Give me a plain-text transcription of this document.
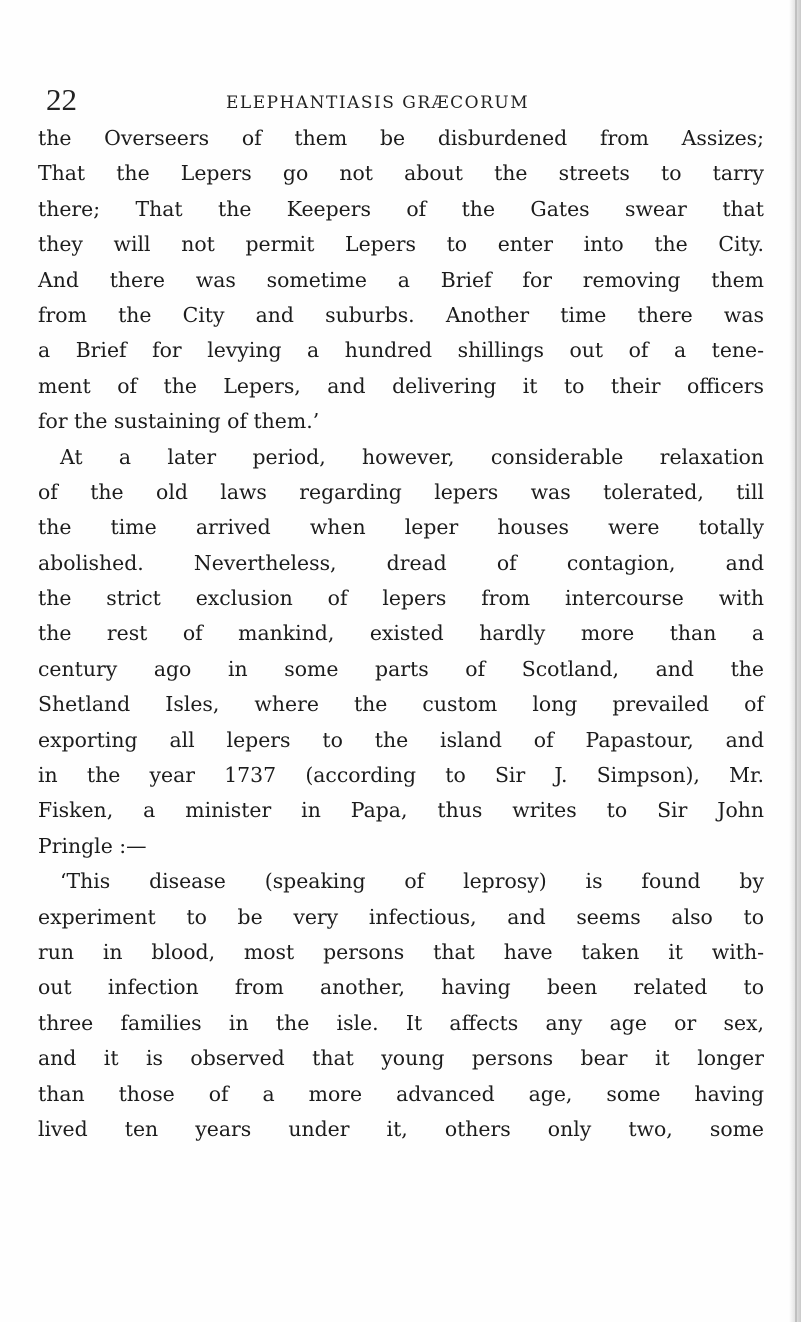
22	ELEPHANTIASIS GRÆCORUM
the Overseers of them be disburdened from Assizes;
That the Lepers go not about the streets to tarry
there; That the Keepers of the Gates swear that
they will not permit Lepers to enter into the City.
And there was sometime a Brief for removing them
from the City and suburbs. Another time there was
a Brief for levying a hundred shillings out of a tene-
ment of the Lepers, and delivering it to their officers
for the sustaining of them.’
At a later period, however, considerable relaxation
of the old laws regarding lepers was tolerated, till
the time arrived when leper houses were totally
abolished. Nevertheless, dread of contagion, and
the strict exclusion of lepers from intercourse with
the rest of mankind, existed hardly more than a
century ago in some parts of Scotland, and the
Shetland Isles, where the custom long prevailed of
exporting all lepers to the island of Papastour, and
in the year 1737 (according to Sir J. Simpson), Mr.
Fisken, a minister in Papa, thus writes to Sir John
Pringle :—
‘This disease (speaking of leprosy) is found by
experiment to be very infectious, and seems also to
run in blood, most persons that have taken it with-
out infection from another, having been related to
three families in the isle. It affects any age or sex,
and it is observed that young persons bear it longer
than those of a more advanced age, some having
lived ten years under it, others only two, some
